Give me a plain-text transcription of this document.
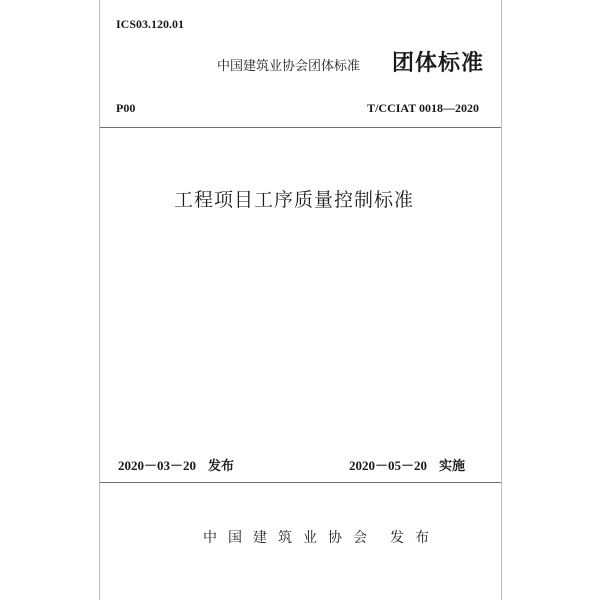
ICS03.120.01
中国建筑业协会团体标准 团体标准
P00	T/CCIAT 0018—2020
工程项目工序质量控制标准
2020－03－20 发布	2020－05－20 实施
中国建筑业协会 发布
